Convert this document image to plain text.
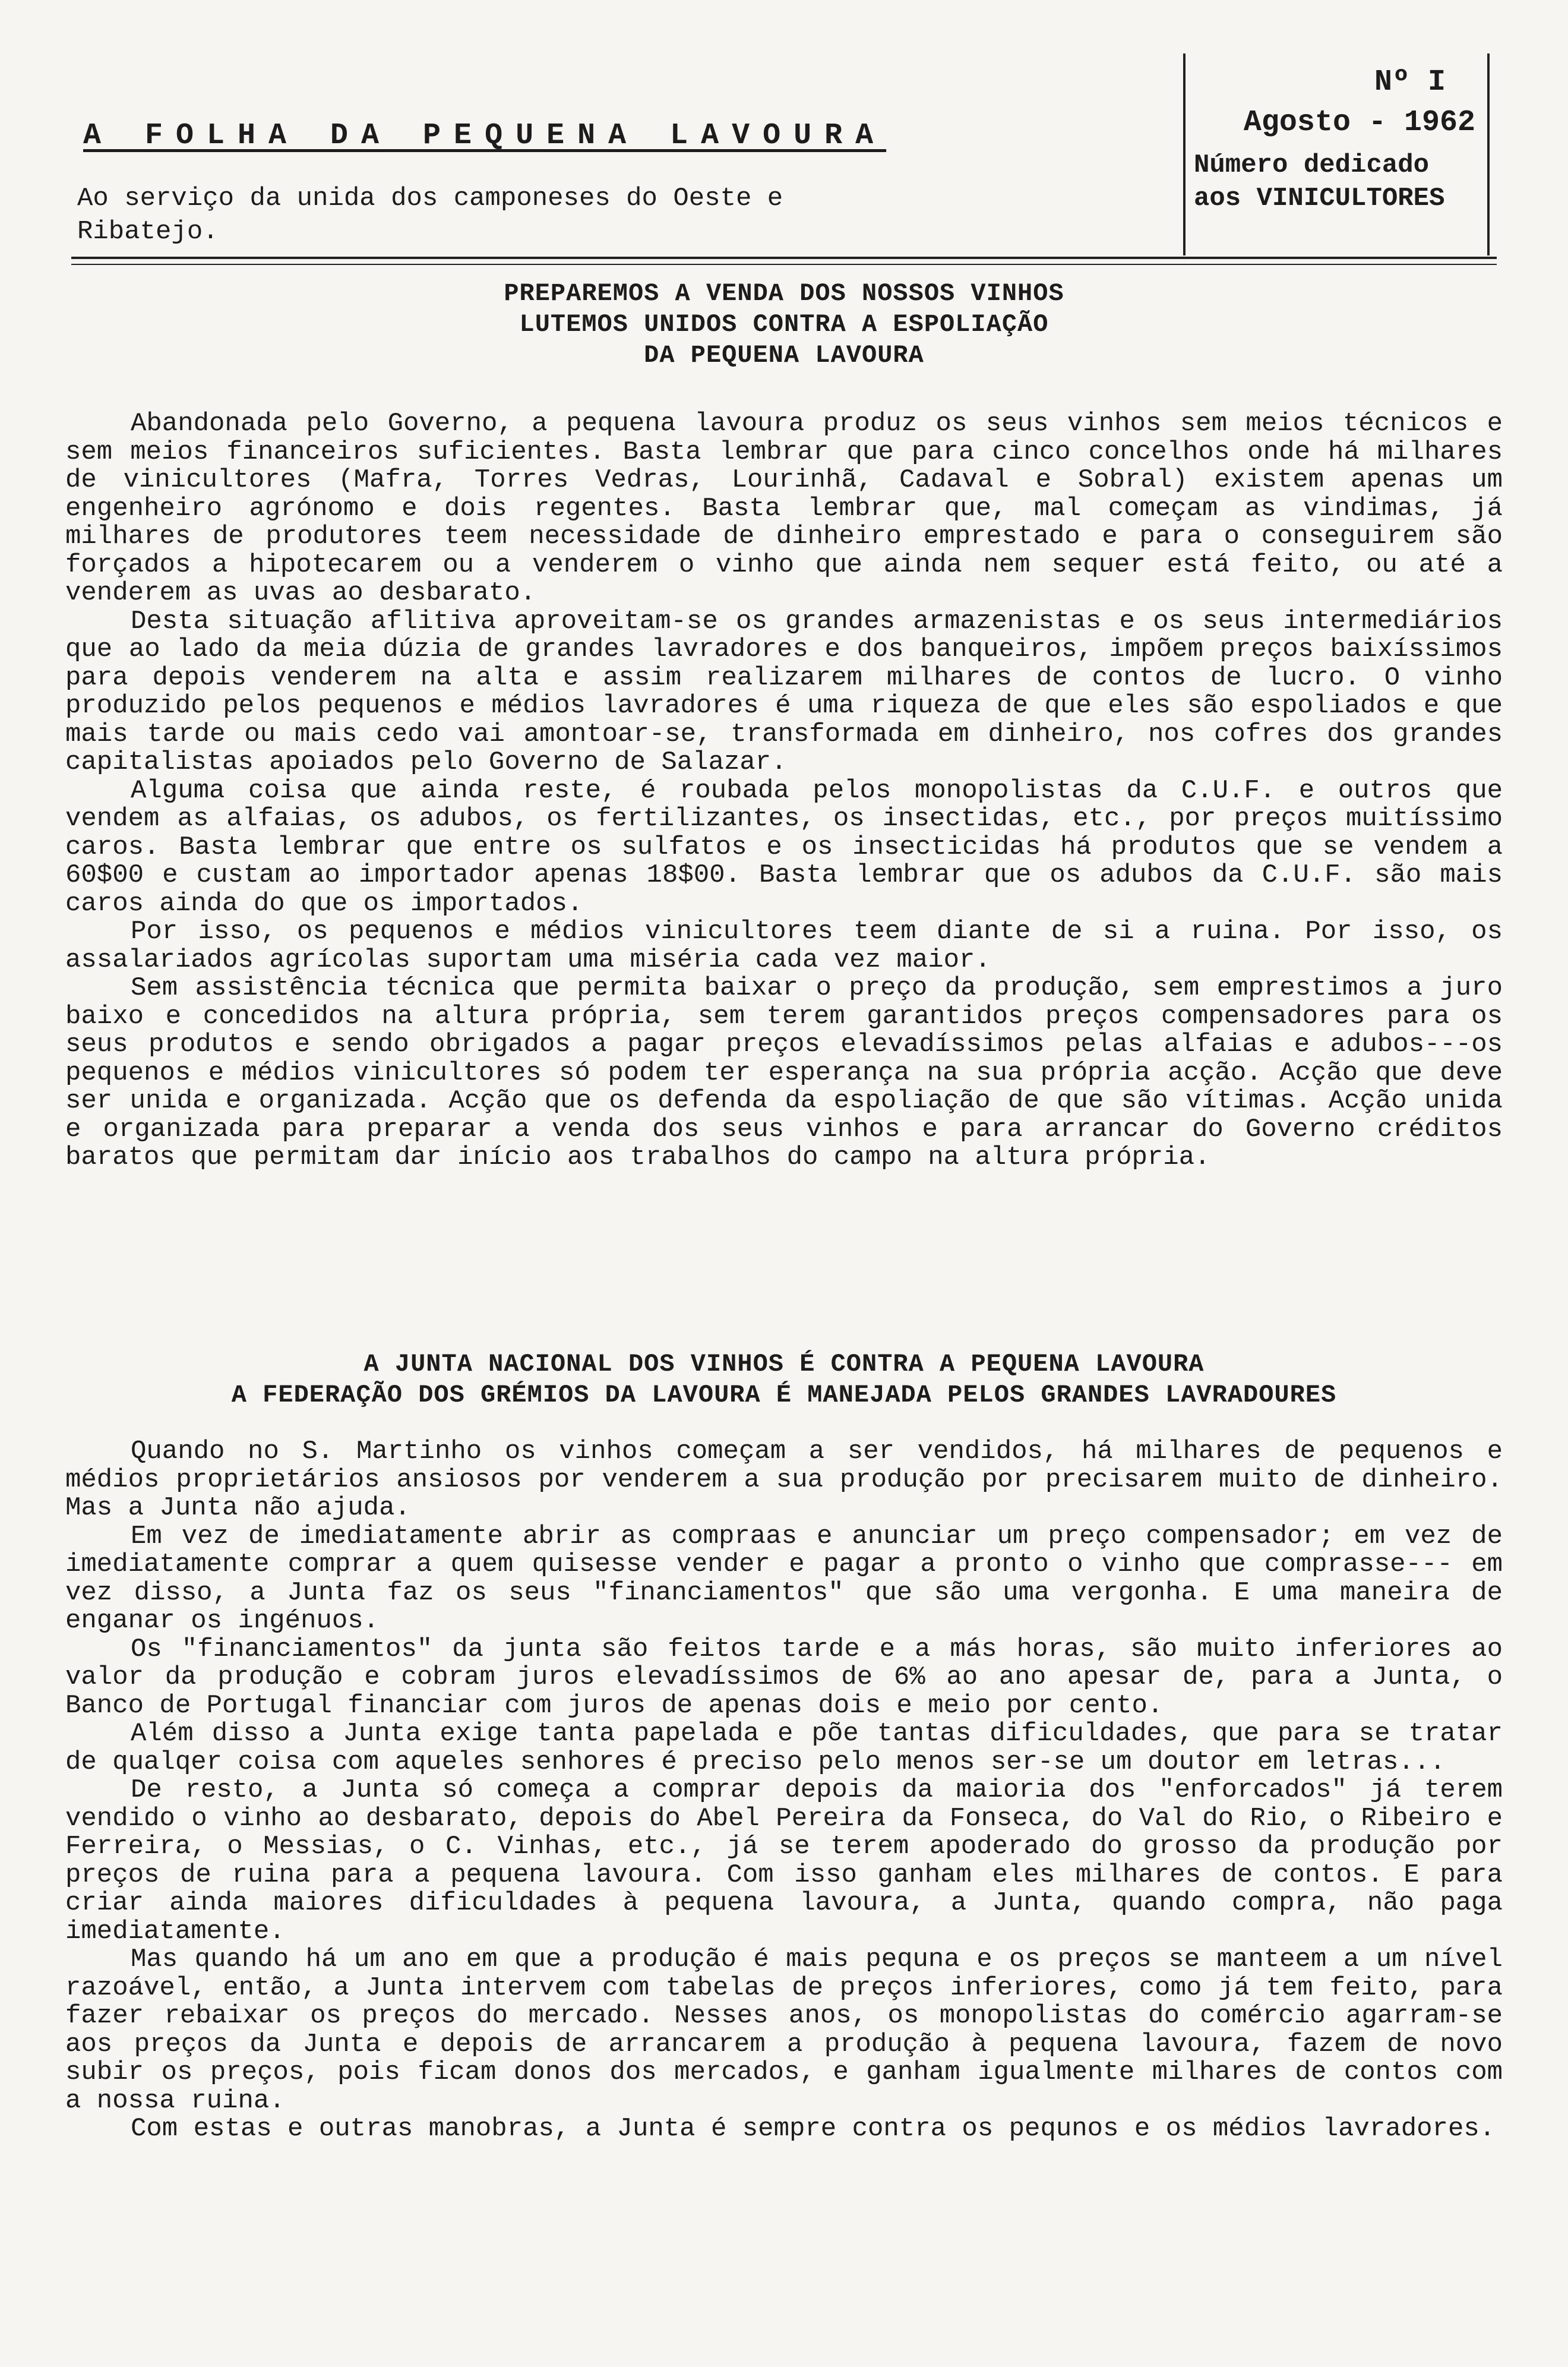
A FOLHA DA PEQUENA LAVOURA
Ao serviço da unida dos camponeses do Oeste e Ribatejo.
Nº I
Agosto - 1962
Número dedicado aos VINICULTORES
PREPAREMOS A VENDA DOS NOSSOS VINHOS
LUTEMOS UNIDOS CONTRA A ESPOLIAÇÃO
DA PEQUENA LAVOURA

Abandonada pelo Governo, a pequena lavoura produz os seus vinhos sem meios técnicos e sem meios financeiros suficientes. Basta lembrar que para cinco concelhos onde há milhares de vinicultores (Mafra, Torres Vedras, Lourinhã, Cadaval e Sobral) existem apenas um engenheiro agrónomo e dois regentes. Basta lembrar que, mal começam as vindimas, já milhares de produtores teem necessidade de dinheiro emprestado e para o conseguirem são forçados a hipotecarem ou a venderem o vinho que ainda nem sequer está feito, ou até a venderem as uvas ao desbarato.

Desta situação aflitiva aproveitam-se os grandes armazenistas e os seus intermediários que ao lado da meia dúzia de grandes lavradores e dos banqueiros, impõem preços baixíssimos para depois venderem na alta e assim realizarem milhares de contos de lucro. O vinho produzido pelos pequenos e médios lavradores é uma riqueza de que eles são espoliados e que mais tarde ou mais cedo vai amontoar-se, transformada em dinheiro, nos cofres dos grandes capitalistas apoiados pelo Governo de Salazar.

Alguma coisa que ainda reste, é roubada pelos monopolistas da C.U.F. e outros que vendem as alfaias, os adubos, os fertilizantes, os insectidas, etc., por preços muitíssimo caros. Basta lembrar que entre os sulfatos e os insecticidas há produtos que se vendem a 60$00 e custam ao importador apenas 18$00. Basta lembrar que os adubos da C.U.F. são mais caros ainda do que os importados.

Por isso, os pequenos e médios vinicultores teem diante de si a ruina. Por isso, os assalariados agrícolas suportam uma miséria cada vez maior.

Sem assistência técnica que permita baixar o preço da produção, sem emprestimos a juro baixo e concedidos na altura própria, sem terem garantidos preços compensadores para os seus produtos e sendo obrigados a pagar preços elevadíssimos pelas alfaias e adubos---os pequenos e médios vinicultores só podem ter esperança na sua própria acção. Acção que deve ser unida e organizada. Acção que os defenda da espoliação de que são vítimas. Acção unida e organizada para preparar a venda dos seus vinhos e para arrancar do Governo créditos baratos que permitam dar início aos trabalhos do campo na altura própria.

A JUNTA NACIONAL DOS VINHOS É CONTRA A PEQUENA LAVOURA
A FEDERAÇÃO DOS GRÉMIOS DA LAVOURA É MANEJADA PELOS GRANDES LAVRADOURES

Quando no S. Martinho os vinhos começam a ser vendidos, há milhares de pequenos e médios proprietários ansiosos por venderem a sua produção por precisarem muito de dinheiro. Mas a Junta não ajuda.

Em vez de imediatamente abrir as compraas e anunciar um preço compensador; em vez de imediatamente comprar a quem quisesse vender e pagar a pronto o vinho que comprasse--- em vez disso, a Junta faz os seus "financiamentos" que são uma vergonha. E uma maneira de enganar os ingénuos.

Os "financiamentos" da junta são feitos tarde e a más horas, são muito inferiores ao valor da produção e cobram juros elevadíssimos de 6% ao ano apesar de, para a Junta, o Banco de Portugal financiar com juros de apenas dois e meio por cento.

Além disso a Junta exige tanta papelada e põe tantas dificuldades, que para se tratar de qualqer coisa com aqueles senhores é preciso pelo menos ser-se um doutor em letras...

De resto, a Junta só começa a comprar depois da maioria dos "enforcados" já terem vendido o vinho ao desbarato, depois do Abel Pereira da Fonseca, do Val do Rio, o Ribeiro e Ferreira, o Messias, o C. Vinhas, etc., já se terem apoderado do grosso da produção por preços de ruina para a pequena lavoura. Com isso ganham eles milhares de contos. E para criar ainda maiores dificuldades à pequena lavoura, a Junta, quando compra, não paga imediatamente.

Mas quando há um ano em que a produção é mais pequna e os preços se manteem a um nível razoável, então, a Junta intervem com tabelas de preços inferiores, como já tem feito, para fazer rebaixar os preços do mercado. Nesses anos, os monopolistas do comércio agarram-se aos preços da Junta e depois de arrancarem a produção à pequena lavoura, fazem de novo subir os preços, pois ficam donos dos mercados, e ganham igualmente milhares de contos com a nossa ruina.

Com estas e outras manobras, a Junta é sempre contra os pequnos e os médios lavradores.
